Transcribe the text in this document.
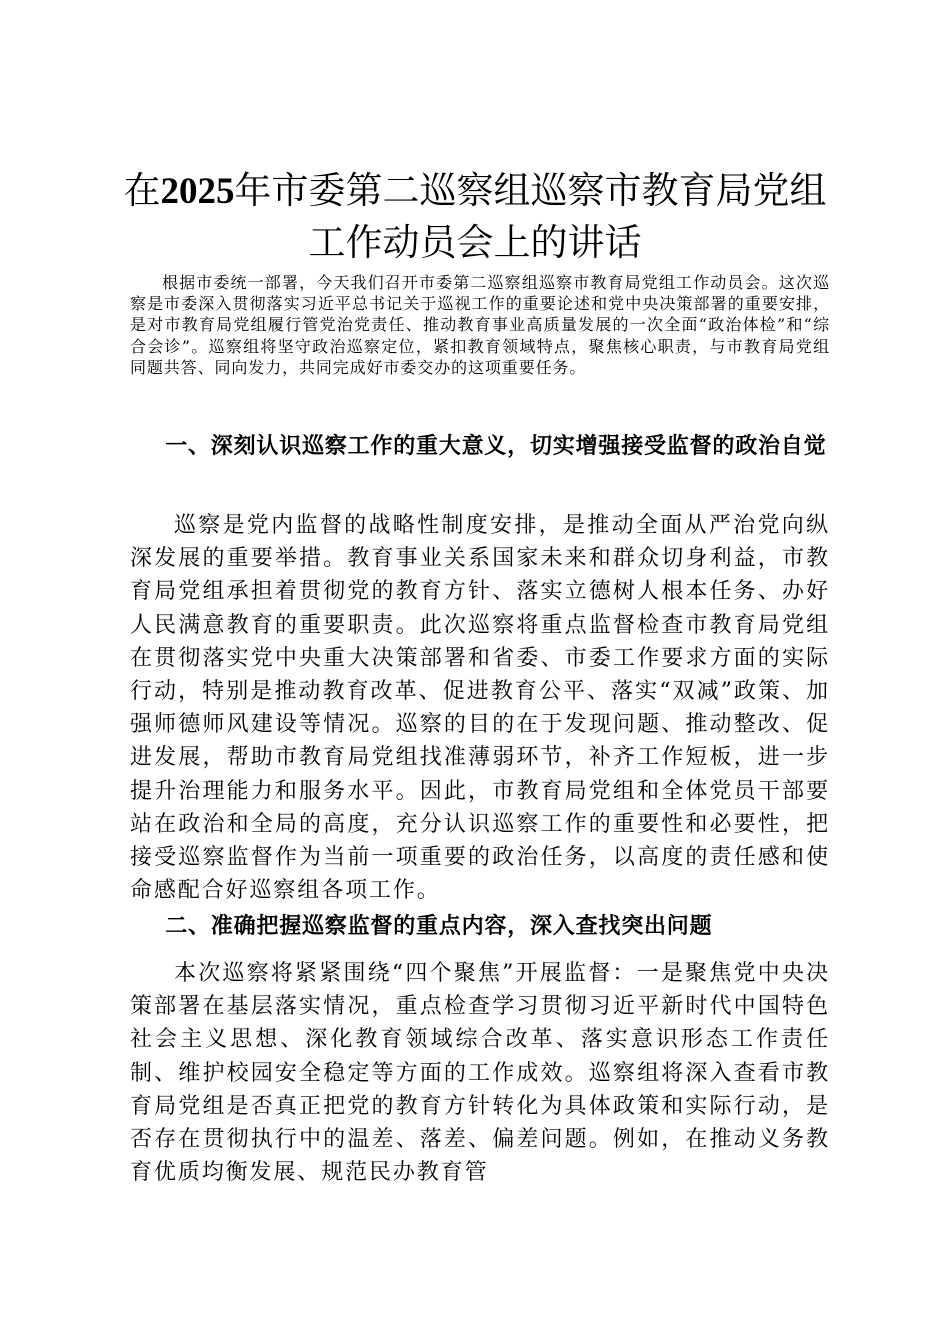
在2025年市委第二巡察组巡察市教育局党组
工作动员会上的讲话

根据市委统一部署，今天我们召开市委第二巡察组巡察市教育局党组工作动员会。这次巡察是市委深入贯彻落实习近平总书记关于巡视工作的重要论述和党中央决策部署的重要安排，是对市教育局党组履行管党治党责任、推动教育事业高质量发展的一次全面“政治体检”和“综合会诊”。巡察组将坚守政治巡察定位，紧扣教育领域特点，聚焦核心职责，与市教育局党组同题共答、同向发力，共同完成好市委交办的这项重要任务。

一、深刻认识巡察工作的重大意义，切实增强接受监督的政治自觉

巡察是党内监督的战略性制度安排，是推动全面从严治党向纵深发展的重要举措。教育事业关系国家未来和群众切身利益，市教育局党组承担着贯彻党的教育方针、落实立德树人根本任务、办好人民满意教育的重要职责。此次巡察将重点监督检查市教育局党组在贯彻落实党中央重大决策部署和省委、市委工作要求方面的实际行动，特别是推动教育改革、促进教育公平、落实“双减”政策、加强师德师风建设等情况。巡察的目的在于发现问题、推动整改、促进发展，帮助市教育局党组找准薄弱环节，补齐工作短板，进一步提升治理能力和服务水平。因此，市教育局党组和全体党员干部要站在政治和全局的高度，充分认识巡察工作的重要性和必要性，把接受巡察监督作为当前一项重要的政治任务，以高度的责任感和使命感配合好巡察组各项工作。

二、准确把握巡察监督的重点内容，深入查找突出问题

本次巡察将紧紧围绕“四个聚焦”开展监督：一是聚焦党中央决策部署在基层落实情况，重点检查学习贯彻习近平新时代中国特色社会主义思想、深化教育领域综合改革、落实意识形态工作责任制、维护校园安全稳定等方面的工作成效。巡察组将深入查看市教育局党组是否真正把党的教育方针转化为具体政策和实际行动，是否存在贯彻执行中的温差、落差、偏差问题。例如，在推动义务教育优质均衡发展、规范民办教育管
